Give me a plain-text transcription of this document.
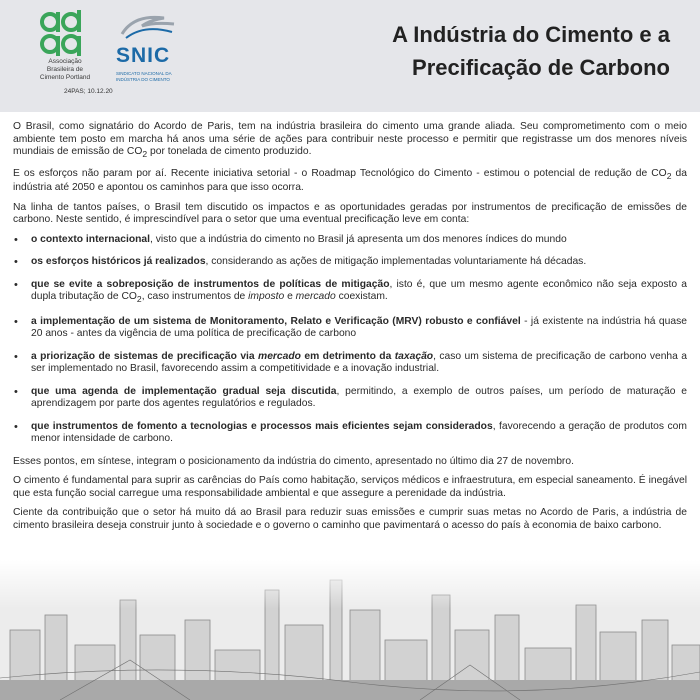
Associação
Brasileira de
Cimento Portland
SNIC
SINDICATO NACIONAL DA INDÚSTRIA DO CIMENTO
24PAS; 10.12.20
A Indústria do Cimento e a
Precificação de Carbono

O Brasil, como signatário do Acordo de Paris, tem na indústria brasileira do cimento uma grande aliada. Seu comprometimento com o meio ambiente tem posto em marcha há anos uma série de ações para contribuir neste processo e permitir que registrasse um dos menores níveis mundiais de emissão de $CO_2$ por tonelada de cimento produzido.

E os esforços não param por aí. Recente iniciativa setorial - o Roadmap Tecnológico do Cimento - estimou o potencial de redução de $CO_2$ da indústria até 2050 e apontou os caminhos para que isso ocorra.

Na linha de tantos países, o Brasil tem discutido os impactos e as oportunidades geradas por instrumentos de precificação de emissões de carbono. Neste sentido, é imprescindível para o setor que uma eventual precificação leve em conta:

• o contexto internacional, visto que a indústria do cimento no Brasil já apresenta um dos menores índices do mundo
• os esforços históricos já realizados, considerando as ações de mitigação implementadas voluntariamente há décadas.
• que se evite a sobreposição de instrumentos de políticas de mitigação, isto é, que um mesmo agente econômico não seja exposto a dupla tributação de $CO_2$, caso instrumentos de imposto e mercado coexistam.
• a implementação de um sistema de Monitoramento, Relato e Verificação (MRV) robusto e confiável - já existente na indústria há quase 20 anos - antes da vigência de uma política de precificação de carbono
• a priorização de sistemas de precificação via mercado em detrimento da taxação, caso um sistema de precificação de carbono venha a ser implementado no Brasil, favorecendo assim a competitividade e a inovação industrial.
• que uma agenda de implementação gradual seja discutida, permitindo, a exemplo de outros países, um período de maturação e aprendizagem por parte dos agentes regulatórios e regulados.
• que instrumentos de fomento a tecnologias e processos mais eficientes sejam considerados, favorecendo a geração de produtos com menor intensidade de carbono.

Esses pontos, em síntese, integram o posicionamento da indústria do cimento, apresentado no último dia 27 de novembro.

O cimento é fundamental para suprir as carências do País como habitação, serviços médicos e infraestrutura, em especial saneamento. É inegável que esta função social carregue uma responsabilidade ambiental e que assegure a perenidade da indústria.

Ciente da contribuição que o setor há muito dá ao Brasil para reduzir suas emissões e cumprir suas metas no Acordo de Paris, a indústria de cimento brasileira deseja construir junto à sociedade e o governo o caminho que pavimentará o acesso do país à economia de baixo carbono.
